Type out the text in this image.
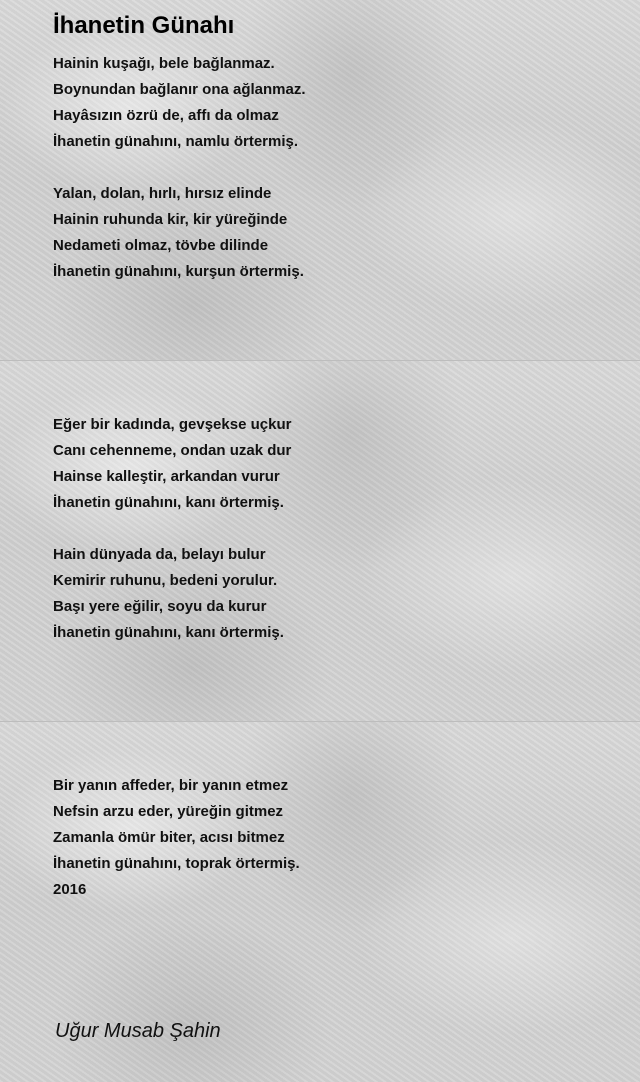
İhanetin Günahı
Hainin kuşağı, bele bağlanmaz.
Boynundan bağlanır ona ağlanmaz.
Hayâsızın özrü de, affı da olmaz
İhanetin günahını, namlu örtermiş.
Yalan, dolan, hırlı, hırsız elinde
Hainin ruhunda kir, kir yüreğinde
Nedameti olmaz, tövbe dilinde
İhanetin günahını, kurşun örtermiş.
Eğer bir kadında, gevşekse uçkur
Canı cehenneme, ondan uzak dur
Hainse kalleştir, arkandan vurur
İhanetin günahını, kanı örtermiş.
Hain dünyada da, belayı bulur
Kemirir ruhunu, bedeni yorulur.
Başı yere eğilir, soyu da kurur
İhanetin günahını, kanı örtermiş.
Bir yanın affeder, bir yanın etmez
Nefsin arzu eder, yüreğin gitmez
Zamanla ömür biter, acısı bitmez
İhanetin günahını, toprak örtermiş.
2016
Uğur Musab Şahin
